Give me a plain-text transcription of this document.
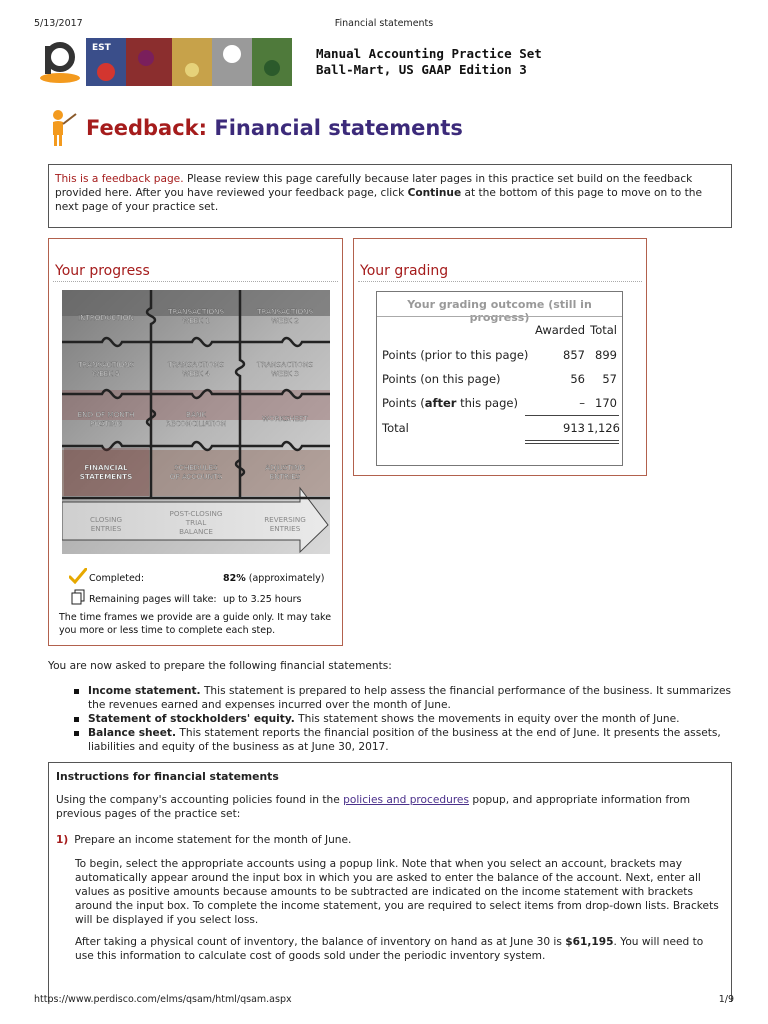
5/13/2017	Financial statements
EST	Manual Accounting Practice Set
Ball-Mart, US GAAP Edition 3
Feedback: Financial statements
This is a feedback page. Please review this page carefully because later pages in this practice set build on the feedback provided here. After you have reviewed your feedback page, click Continue at the bottom of this page to move on to the next page of your practice set.
Your progress
INTRODUCTION
TRANSACTIONS
WEEK 1
TRANSACTIONS
WEEK 2
TRANSACTIONS
WEEK 5
TRANSACTIONS
WEEK 4
TRANSACTIONS
WEEK 3
END OF MONTH
POSTING
BANK
RECONCILIATION
WORKSHEET
FINANCIAL
STATEMENTS
SCHEDULES
OF ACCOUNTS
ADJUSTING
ENTRIES
CLOSING
ENTRIES
POST-CLOSING
TRIAL
BALANCE
REVERSING
ENTRIES
Completed:	82% (approximately)
Remaining pages will take: up to 3.25 hours
The time frames we provide are a guide only. It may take you more or less time to complete each step.
Your grading
Your grading outcome (still in progress)
Awarded Total
Points (prior to this page)	857 899
Points (on this page)	56	57
Points (after this page)	– 170
Total	913 1,126
You are now asked to prepare the following financial statements:
Income statement. This statement is prepared to help assess the financial performance of the business. It summarizes the revenues earned and expenses incurred over the month of June.
Statement of stockholders' equity. This statement shows the movements in equity over the month of June.
Balance sheet. This statement reports the financial position of the business at the end of June. It presents the assets, liabilities and equity of the business as at June 30, 2017.
Instructions for financial statements
Using the company's accounting policies found in the policies and procedures popup, and appropriate information from previous pages of the practice set:
1) Prepare an income statement for the month of June.
To begin, select the appropriate accounts using a popup link. Note that when you select an account, brackets may automatically appear around the input box in which you are asked to enter the balance of the account. Next, enter all values as positive amounts because amounts to be subtracted are indicated on the income statement with brackets around the input box. To complete the income statement, you are required to select items from drop-down lists. Brackets will be displayed if you select loss.
After taking a physical count of inventory, the balance of inventory on hand as at June 30 is $61,195. You will need to use this information to calculate cost of goods sold under the periodic inventory system.
https://www.perdisco.com/elms/qsam/html/qsam.aspx	1/9
